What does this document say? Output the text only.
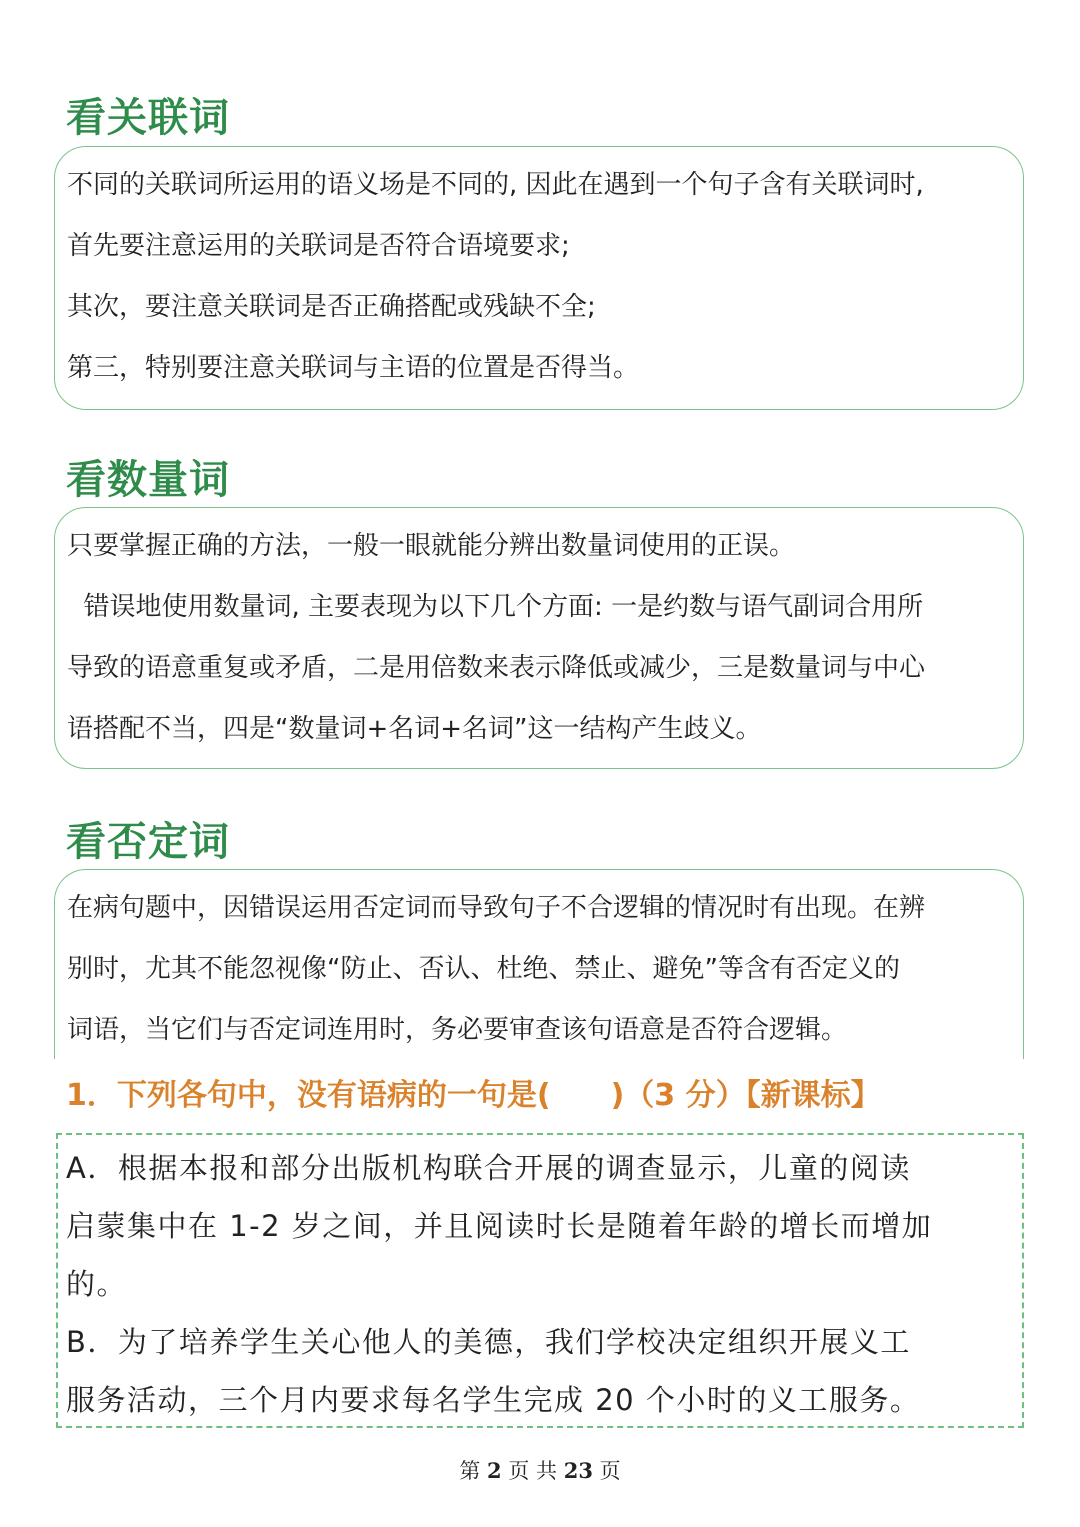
看关联词

不同的关联词所运用的语义场是不同的, 因此在遇到一个句子含有关联词时,

首先要注意运用的关联词是否符合语境要求;

其次，要注意关联词是否正确搭配或残缺不全;

第三，特别要注意关联词与主语的位置是否得当。

看数量词

只要掌握正确的方法，一般一眼就能分辨出数量词使用的正误。

错误地使用数量词, 主要表现为以下几个方面: 一是约数与语气副词合用所

导致的语意重复或矛盾，二是用倍数来表示降低或减少，三是数量词与中心

语搭配不当，四是“数量词+名词+名词”这一结构产生歧义。

看否定词

在病句题中，因错误运用否定词而导致句子不合逻辑的情况时有出现。在辨

别时，尤其不能忽视像“防止、否认、杜绝、禁止、避免”等含有否定义的

词语，当它们与否定词连用时，务必要审查该句语意是否符合逻辑。

1．下列各句中，没有语病的一句是(　　)（3 分）【新课标】

A．根据本报和部分出版机构联合开展的调查显示，儿童的阅读

启蒙集中在 1-2 岁之间，并且阅读时长是随着年龄的增长而增加

的。

B．为了培养学生关心他人的美德，我们学校决定组织开展义工

服务活动，三个月内要求每名学生完成 20 个小时的义工服务。

第 2 页 共 23 页
